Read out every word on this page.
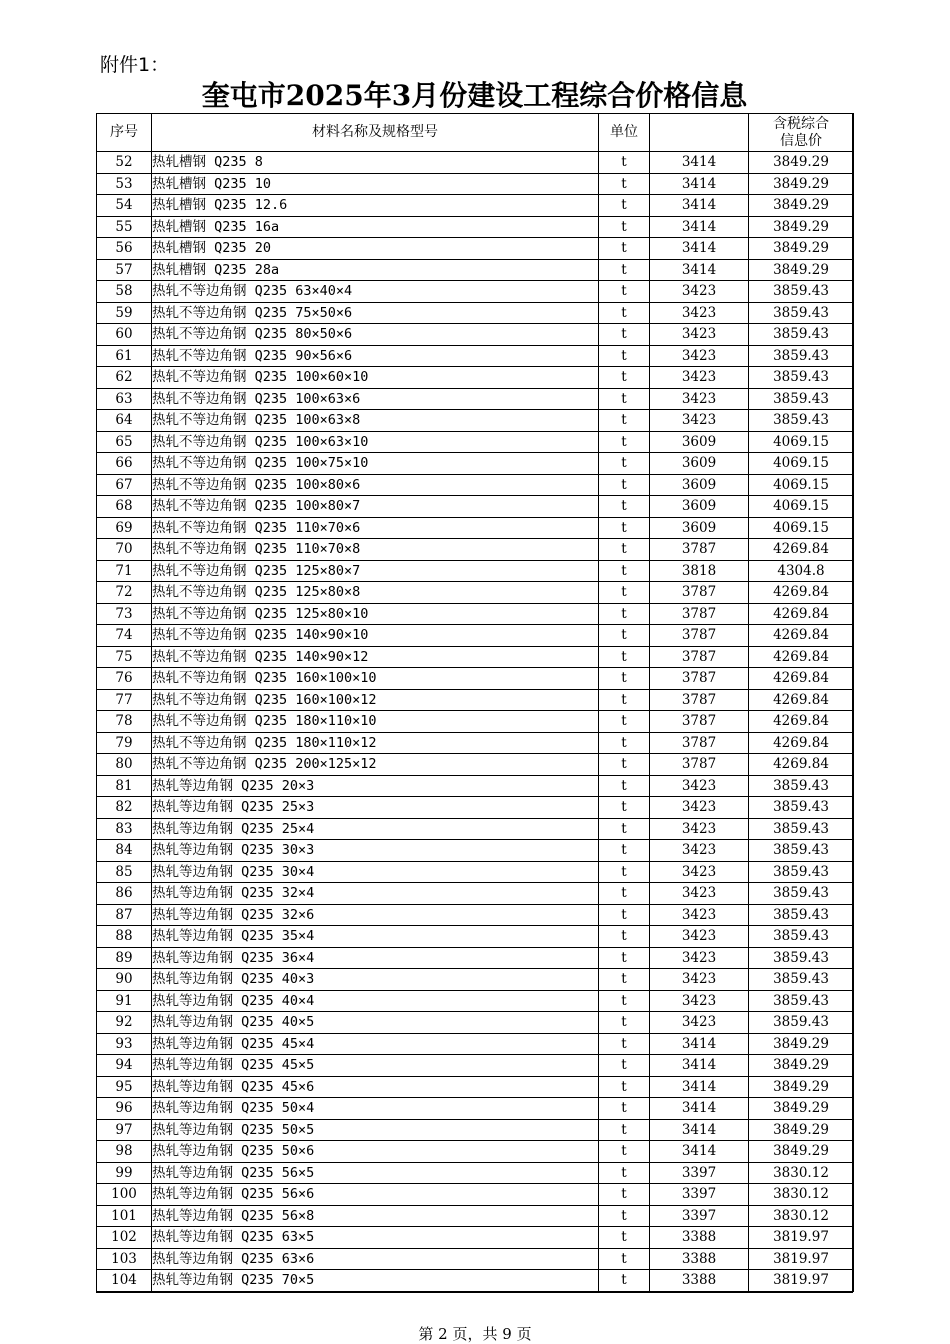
附件1：
奎屯市2025年3月份建设工程综合价格信息
序号	材料名称及规格型号	单位		含税综合
信息价

52	热轧槽钢 Q235 8	t	3414	3849.29
53	热轧槽钢 Q235 10	t	3414	3849.29
54	热轧槽钢 Q235 12.6	t	3414	3849.29
55	热轧槽钢 Q235 16a	t	3414	3849.29
56	热轧槽钢 Q235 20	t	3414	3849.29
57	热轧槽钢 Q235 28a	t	3414	3849.29
58	热轧不等边角钢 Q235 63×40×4	t	3423	3859.43
59	热轧不等边角钢 Q235 75×50×6	t	3423	3859.43
60	热轧不等边角钢 Q235 80×50×6	t	3423	3859.43
61	热轧不等边角钢 Q235 90×56×6	t	3423	3859.43
62	热轧不等边角钢 Q235 100×60×10	t	3423	3859.43
63	热轧不等边角钢 Q235 100×63×6	t	3423	3859.43
64	热轧不等边角钢 Q235 100×63×8	t	3423	3859.43
65	热轧不等边角钢 Q235 100×63×10	t	3609	4069.15
66	热轧不等边角钢 Q235 100×75×10	t	3609	4069.15
67	热轧不等边角钢 Q235 100×80×6	t	3609	4069.15
68	热轧不等边角钢 Q235 100×80×7	t	3609	4069.15
69	热轧不等边角钢 Q235 110×70×6	t	3609	4069.15
70	热轧不等边角钢 Q235 110×70×8	t	3787	4269.84
71	热轧不等边角钢 Q235 125×80×7	t	3818	4304.8
72	热轧不等边角钢 Q235 125×80×8	t	3787	4269.84
73	热轧不等边角钢 Q235 125×80×10	t	3787	4269.84
74	热轧不等边角钢 Q235 140×90×10	t	3787	4269.84
75	热轧不等边角钢 Q235 140×90×12	t	3787	4269.84
76	热轧不等边角钢 Q235 160×100×10	t	3787	4269.84
77	热轧不等边角钢 Q235 160×100×12	t	3787	4269.84
78	热轧不等边角钢 Q235 180×110×10	t	3787	4269.84
79	热轧不等边角钢 Q235 180×110×12	t	3787	4269.84
80	热轧不等边角钢 Q235 200×125×12	t	3787	4269.84
81	热轧等边角钢 Q235 20×3	t	3423	3859.43
82	热轧等边角钢 Q235 25×3	t	3423	3859.43
83	热轧等边角钢 Q235 25×4	t	3423	3859.43
84	热轧等边角钢 Q235 30×3	t	3423	3859.43
85	热轧等边角钢 Q235 30×4	t	3423	3859.43
86	热轧等边角钢 Q235 32×4	t	3423	3859.43
87	热轧等边角钢 Q235 32×6	t	3423	3859.43
88	热轧等边角钢 Q235 35×4	t	3423	3859.43
89	热轧等边角钢 Q235 36×4	t	3423	3859.43
90	热轧等边角钢 Q235 40×3	t	3423	3859.43
91	热轧等边角钢 Q235 40×4	t	3423	3859.43
92	热轧等边角钢 Q235 40×5	t	3423	3859.43
93	热轧等边角钢 Q235 45×4	t	3414	3849.29
94	热轧等边角钢 Q235 45×5	t	3414	3849.29
95	热轧等边角钢 Q235 45×6	t	3414	3849.29
96	热轧等边角钢 Q235 50×4	t	3414	3849.29
97	热轧等边角钢 Q235 50×5	t	3414	3849.29
98	热轧等边角钢 Q235 50×6	t	3414	3849.29
99	热轧等边角钢 Q235 56×5	t	3397	3830.12
100	热轧等边角钢 Q235 56×6	t	3397	3830.12
101	热轧等边角钢 Q235 56×8	t	3397	3830.12
102	热轧等边角钢 Q235 63×5	t	3388	3819.97
103	热轧等边角钢 Q235 63×6	t	3388	3819.97
104	热轧等边角钢 Q235 70×5	t	3388	3819.97
第 2 页，共 9 页
